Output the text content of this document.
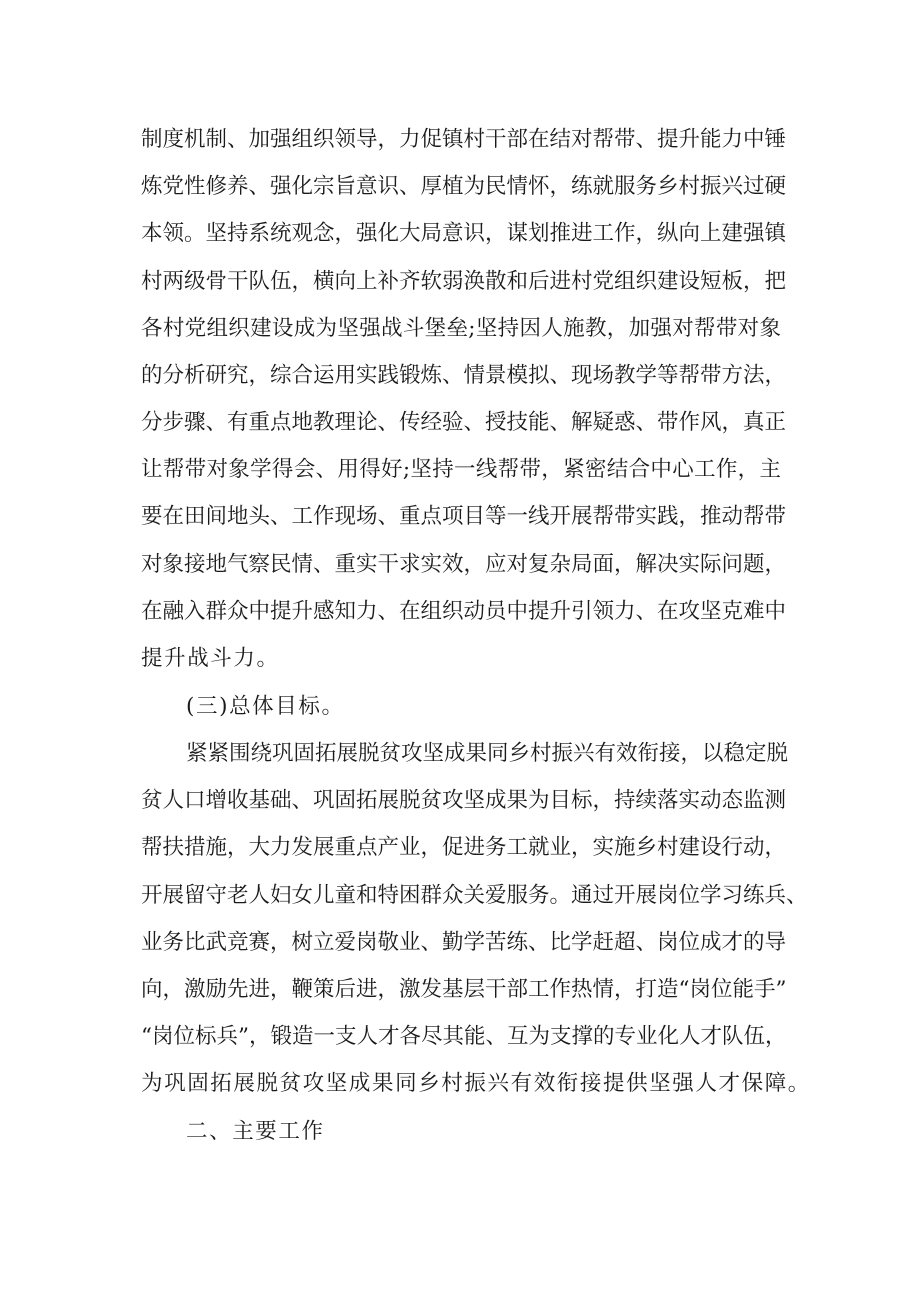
制度机制、加强组织领导，力促镇村干部在结对帮带、提升能力中锤
炼党性修养、强化宗旨意识、厚植为民情怀，练就服务乡村振兴过硬
本领。坚持系统观念，强化大局意识，谋划推进工作，纵向上建强镇
村两级骨干队伍，横向上补齐软弱涣散和后进村党组织建设短板，把
各村党组织建设成为坚强战斗堡垒;坚持因人施教，加强对帮带对象
的分析研究，综合运用实践锻炼、情景模拟、现场教学等帮带方法，
分步骤、有重点地教理论、传经验、授技能、解疑惑、带作风，真正
让帮带对象学得会、用得好;坚持一线帮带，紧密结合中心工作，主
要在田间地头、工作现场、重点项目等一线开展帮带实践，推动帮带
对象接地气察民情、重实干求实效，应对复杂局面，解决实际问题，
在融入群众中提升感知力、在组织动员中提升引领力、在攻坚克难中
提升战斗力。
(三)总体目标。
紧紧围绕巩固拓展脱贫攻坚成果同乡村振兴有效衔接，以稳定脱
贫人口增收基础、巩固拓展脱贫攻坚成果为目标，持续落实动态监测
帮扶措施，大力发展重点产业，促进务工就业，实施乡村建设行动，
开展留守老人妇女儿童和特困群众关爱服务。通过开展岗位学习练兵、
业务比武竞赛，树立爱岗敬业、勤学苦练、比学赶超、岗位成才的导
向，激励先进，鞭策后进，激发基层干部工作热情，打造“岗位能手”
“岗位标兵”，锻造一支人才各尽其能、互为支撑的专业化人才队伍，
为巩固拓展脱贫攻坚成果同乡村振兴有效衔接提供坚强人才保障。
二、主要工作
